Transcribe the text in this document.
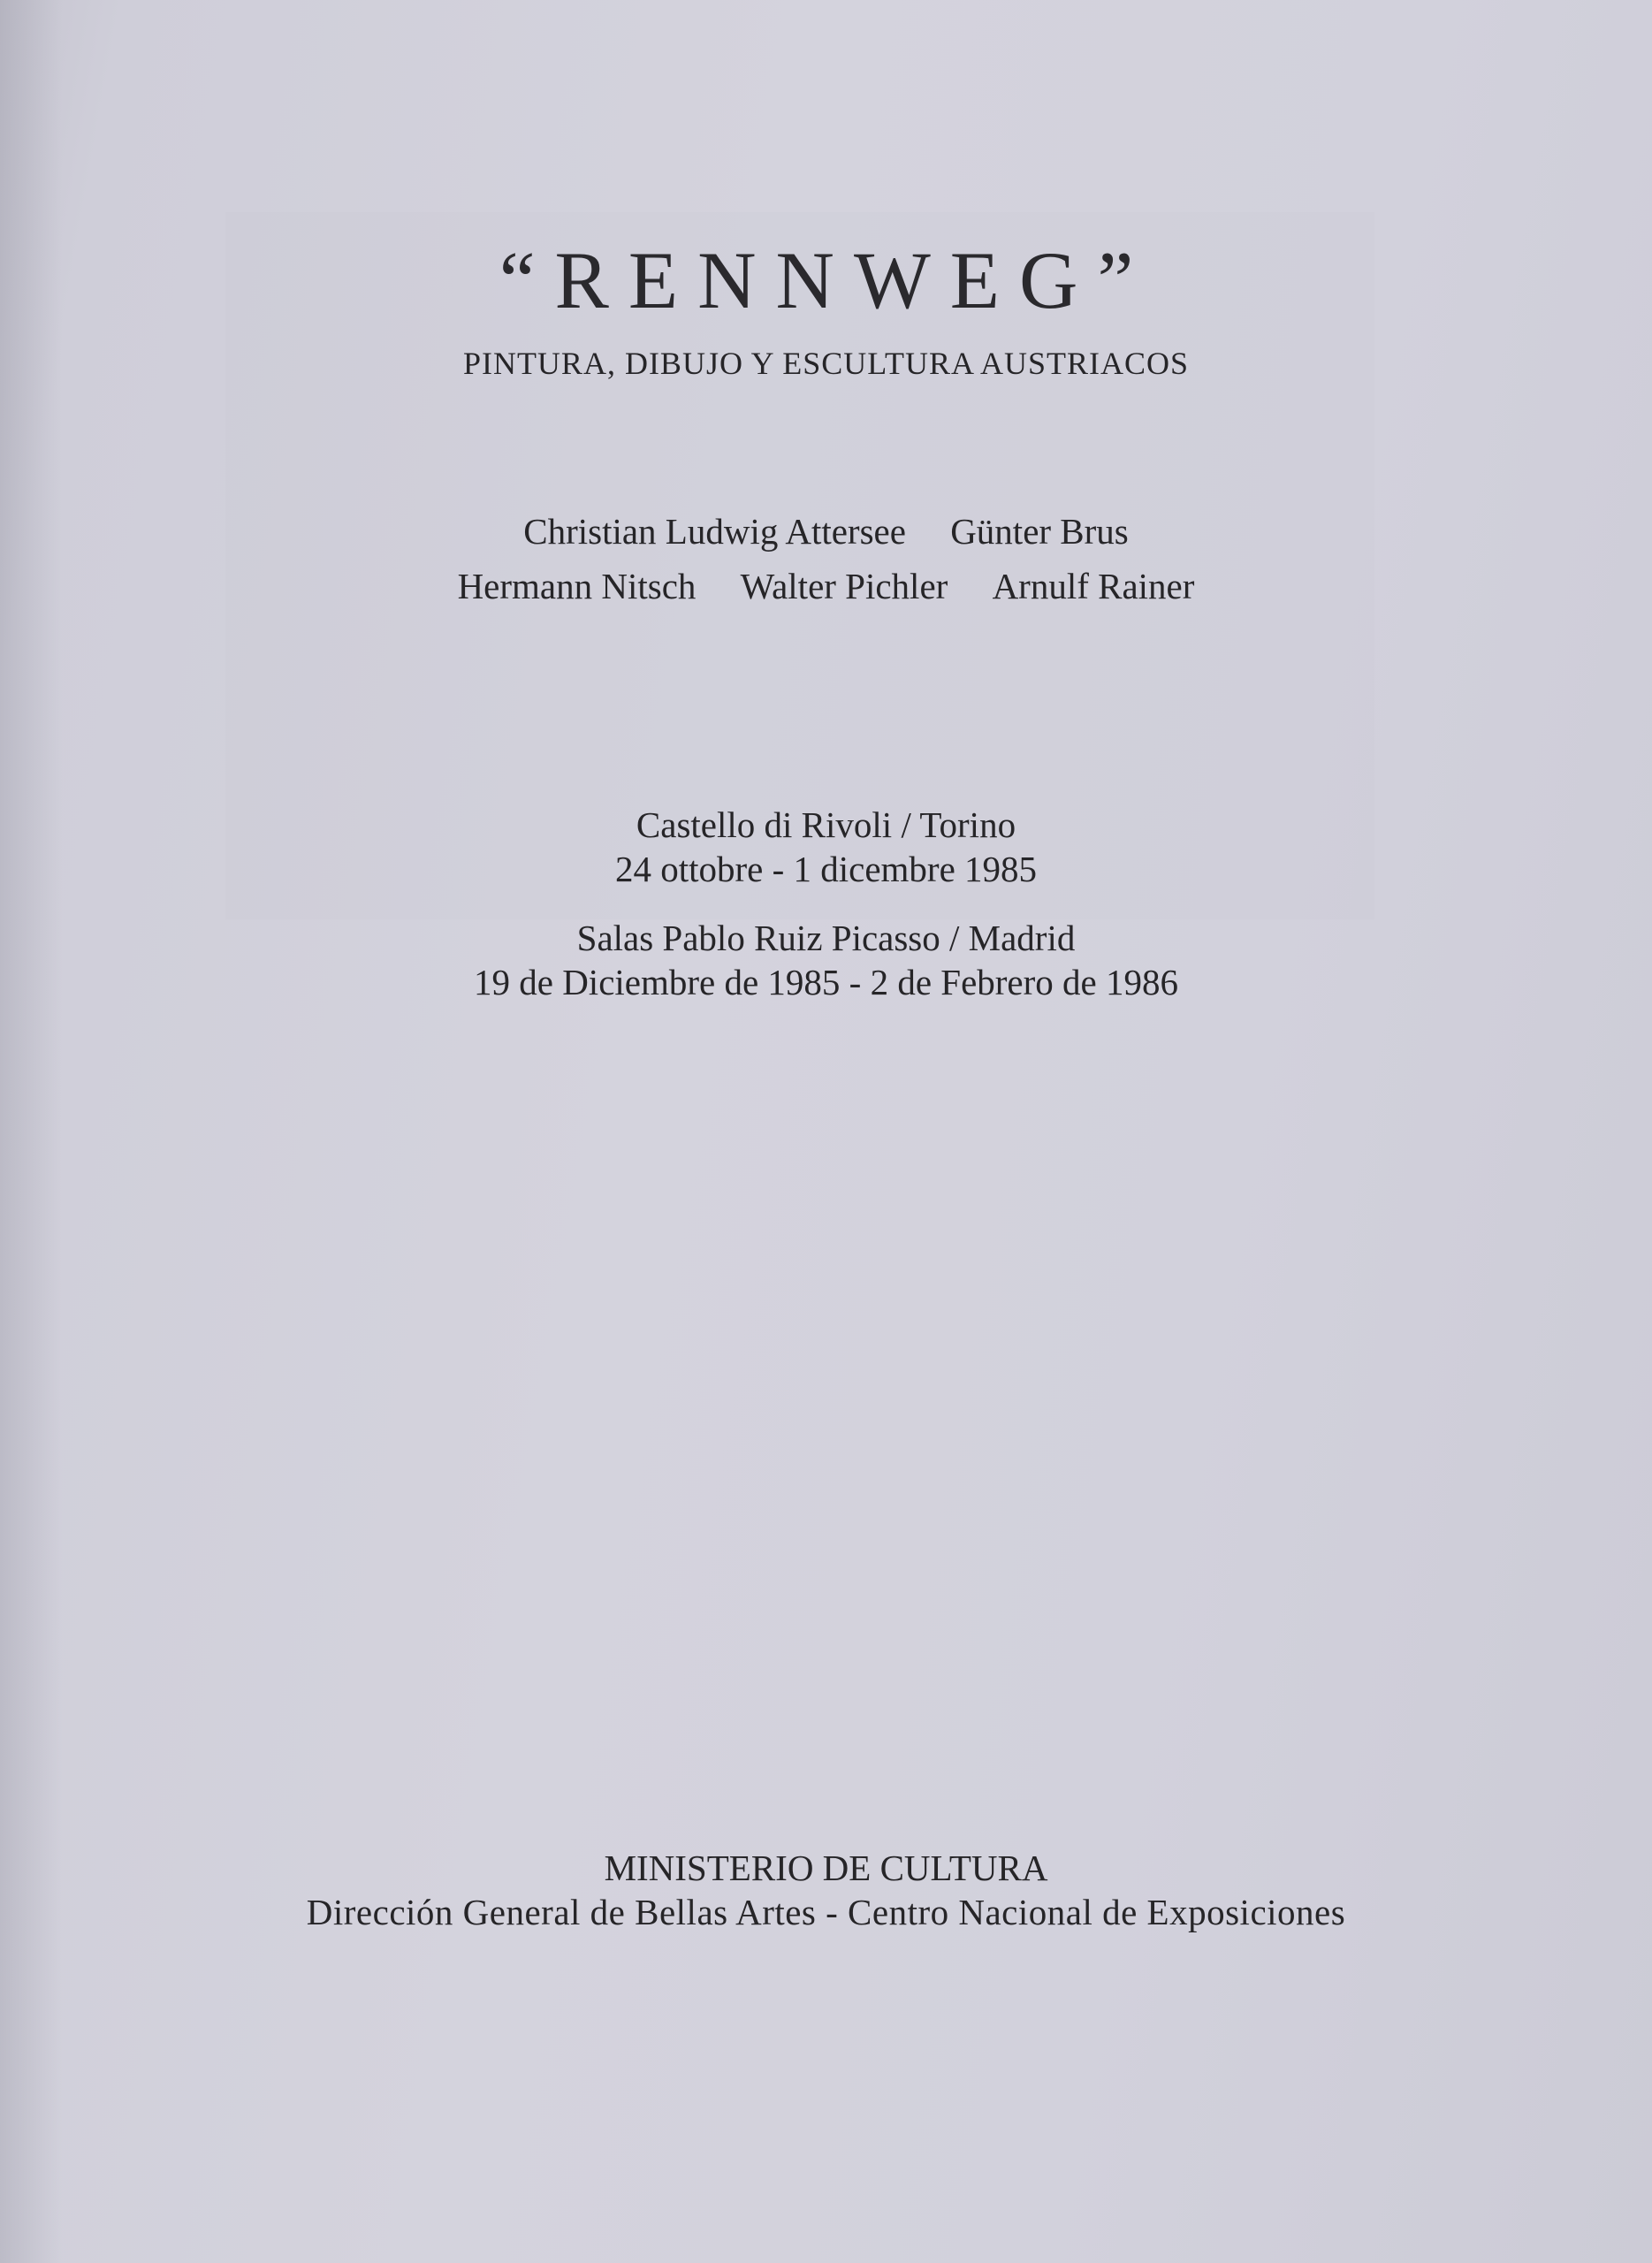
“RENNWEG”
PINTURA, DIBUJO Y ESCULTURA AUSTRIACOS
Christian Ludwig Attersee Günter Brus
Hermann Nitsch Walter Pichler Arnulf Rainer
Castello di Rivoli / Torino
24 ottobre - 1 dicembre 1985
Salas Pablo Ruiz Picasso / Madrid
19 de Diciembre de 1985 - 2 de Febrero de 1986
MINISTERIO DE CULTURA
Dirección General de Bellas Artes - Centro Nacional de Exposiciones
